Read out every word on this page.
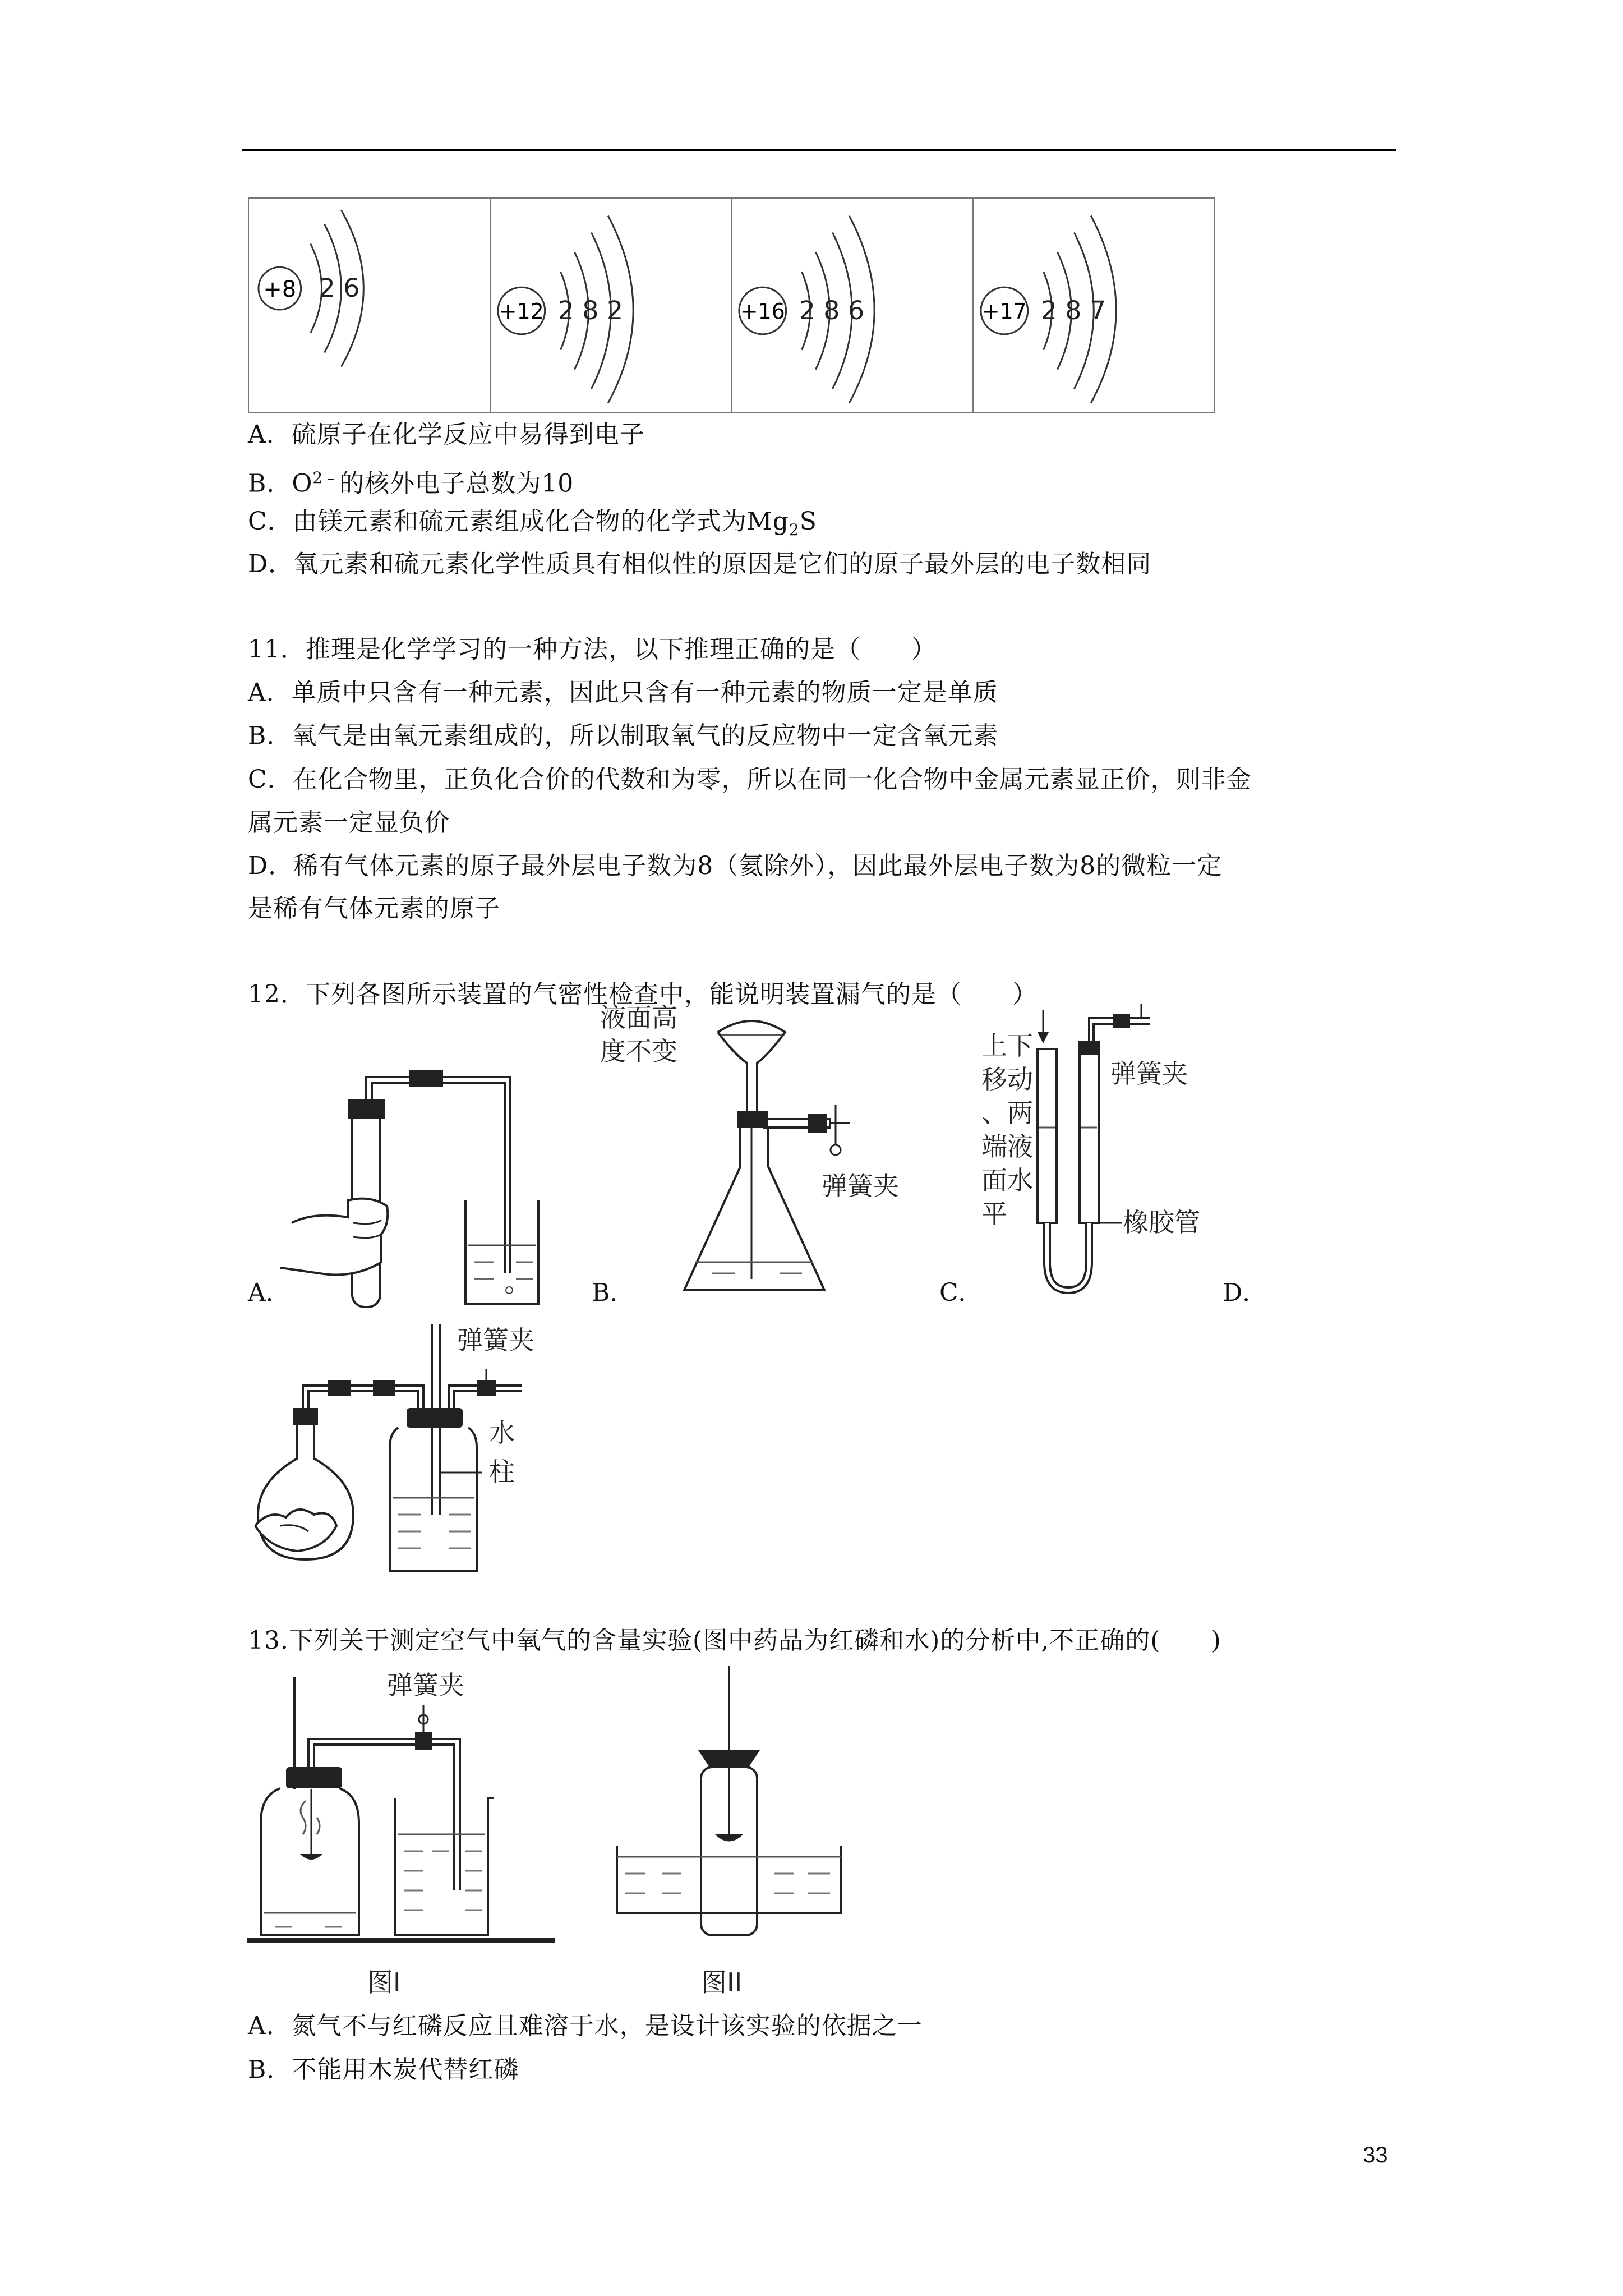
+8 2 6
+12 2 8 2	+16 2 8 6	+17 2 8 7
A．硫原子在化学反应中易得到电子
B．$O^{2﹣}$的核外电子总数为10
C．由镁元素和硫元素组成化合物的化学式为$Mg_2S$
D．氧元素和硫元素化学性质具有相似性的原因是它们的原子最外层的电子数相同
11．推理是化学学习的一种方法，以下推理正确的是（　　）
A．单质中只含有一种元素，因此只含有一种元素的物质一定是单质
B．氧气是由氧元素组成的，所以制取氧气的反应物中一定含氧元素
C．在化合物里，正负化合价的代数和为零，所以在同一化合物中金属元素显正价，则非金
属元素一定显负价
D．稀有气体元素的原子最外层电子数为8（氦除外），因此最外层电子数为8的微粒一定
是稀有气体元素的原子
12．下列各图所示装置的气密性检查中，能说明装置漏气的是（　　）
A．
液面高
度不变
弹簧夹
B．
上下
移动
、两
端液
面水
平
弹簧夹
橡胶管
C．	D．
弹簧夹
水
柱
13.下列关于测定空气中氧气的含量实验(图中药品为红磷和水)的分析中,不正确的(　　)
弹簧夹
图I	图II
A．氮气不与红磷反应且难溶于水，是设计该实验的依据之一
B．不能用木炭代替红磷
33
